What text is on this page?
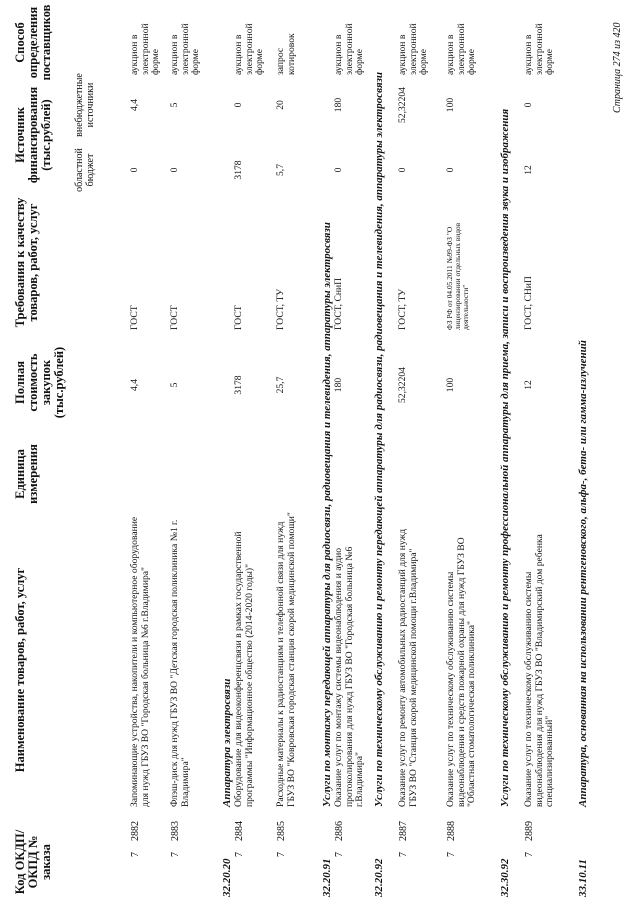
Код ОКДП/ ОКПД № заказа
Наименование товаров, работ, услуг
Единица измерения
Полная стоимость закупок (тыс.рублей)
Требования к качеству товаров, работ, услуг
Источник финансирования (тыс.рублей) областной бюджет
внебюджетные источники
Способ определения поставщиков
7
2882
Запоминающие устройства, накопители и компьютерное оборудование для нужд ГБУЗ ВО "Городская больница №6 г.Владимира"
4,4
ГОСТ
0
4,4
аукцион в электронной форме
7
2883
Флэш-диск для нужд ГБУЗ ВО "Детская городская поликлиника №1 г. Владимира"
5
ГОСТ
0
5
аукцион в электронной форме
32.20.20
Аппаратура электросвязи
7
2884
Оборудование для видеоконференцсвязи в рамках государственной программы "Информационное общество (2014-2020 годы)"
3178
ГОСТ
3178
0
аукцион в электронной форме
7
2885
Расходные материалы к радиостанциям и телефонной связи для нужд ГБУЗ ВО "Ковровская городская станция скорой медицинской помощи"
25,7
ГОСТ, ТУ
5,7
20
запрос котировок
32.20.91
Услуги по монтажу передающей аппаратуры для радиосвязи, радиовещания и телевидения, аппаратуры электросвязи
7
2886
Оказание услуг по монтажу системы видеонаблюдения и аудио протоколирования для нужд ГБУЗ ВО "Городская больница №6 г.Владимира"
180
ГОСТ, СниП
0
180
аукцион в электронной форме
32.20.92
Услуги по техническому обслуживанию и ремонту передающей аппаратуры для радиосвязи, радиовещания и телевидения, аппаратуры электросвязи
7
2887
Оказание услуг по ремонту автомобильных радиостанций для нужд ГБУЗ ВО "Станция скорой медицинской помощи г.Владимира"
52,32204
ГОСТ, ТУ
0
52,32204
аукцион в электронной форме
7
2888
Оказание услуг по техническому обслуживанию системы видеонаблюдения и средств пожарной охраны для нужд ГБУЗ ВО "Областная стоматологическая поликлиника"
100
ФЗ РФ от 04.05.2011 №99-ФЗ "О лицензировании отдельных видов деятельности"
0
100
аукцион в электронной форме
32.30.92
Услуги по техническому обслуживанию и ремонту профессиональной аппаратуры для приема, записи и воспроизведения звука и изображения
7
2889
Оказание услуг по техническому обслуживанию системы видеонаблюдения для нужд ГБУЗ ВО "Владимирский дом ребенка специализированный"
12
ГОСТ, СНиП
12
0
аукцион в электронной форме
33.10.11
Аппаратура, основанная на использовании рентгеновского, альфа-, бета- или гамма-излучений
Страница 274 из 420
